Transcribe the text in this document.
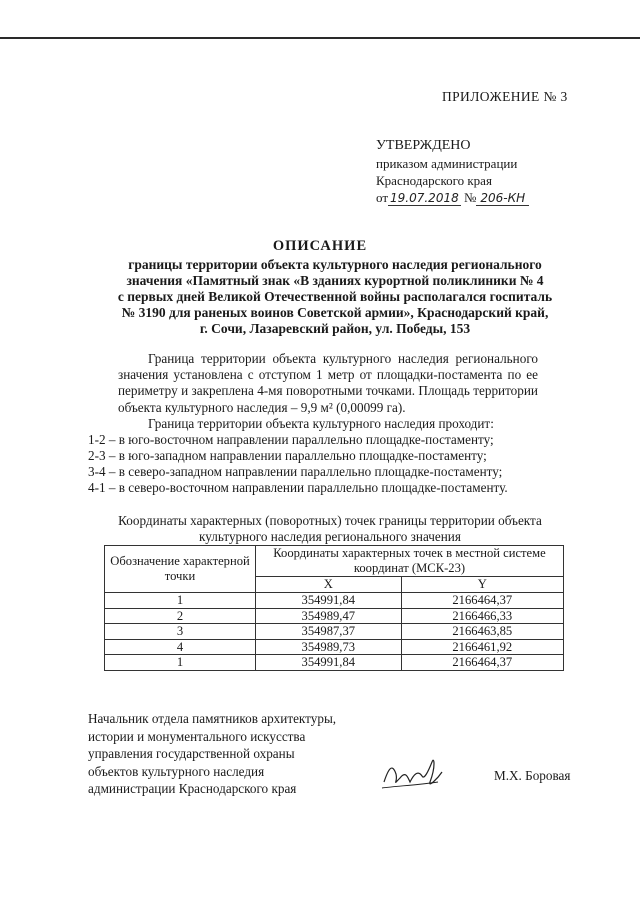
ПРИЛОЖЕНИЕ № 3
УТВЕРЖДЕНО
приказом администрации
Краснодарского края
от 19.07.2018 № 206-КН
ОПИСАНИЕ
границы территории объекта культурного наследия регионального
значения «Памятный знак «В зданиях курортной поликлиники № 4
с первых дней Великой Отечественной войны располагался госпиталь
№ 3190 для раненых воинов Советской армии», Краснодарский край,
г. Сочи, Лазаревский район, ул. Победы, 153
Граница территории объекта культурного наследия регионального значения установлена с отступом 1 метр от площадки-постамента по ее периметру и закреплена 4-мя поворотными точками. Площадь территории объекта культурного наследия – 9,9 м² (0,00099 га).
Граница территории объекта культурного наследия проходит:
1-2 – в юго-восточном направлении параллельно площадке-постаменту;
2-3 – в юго-западном направлении параллельно площадке-постаменту;
3-4 – в северо-западном направлении параллельно площадке-постаменту;
4-1 – в северо-восточном направлении параллельно площадке-постаменту.
Координаты характерных (поворотных) точек границы территории объекта культурного наследия регионального значения
Обозначение характерной точки	Координаты характерных точек в местной системе координат (МСК-23)	
	X	Y
1	354991,84	2166464,37
2	354989,47	2166466,33
3	354987,37	2166463,85
4	354989,73	2166461,92
1	354991,84	2166464,37
Начальник отдела памятников архитектуры,
истории и монументального искусства
управления государственной охраны
объектов культурного наследия
администрации Краснодарского края
М.Х. Боровая
